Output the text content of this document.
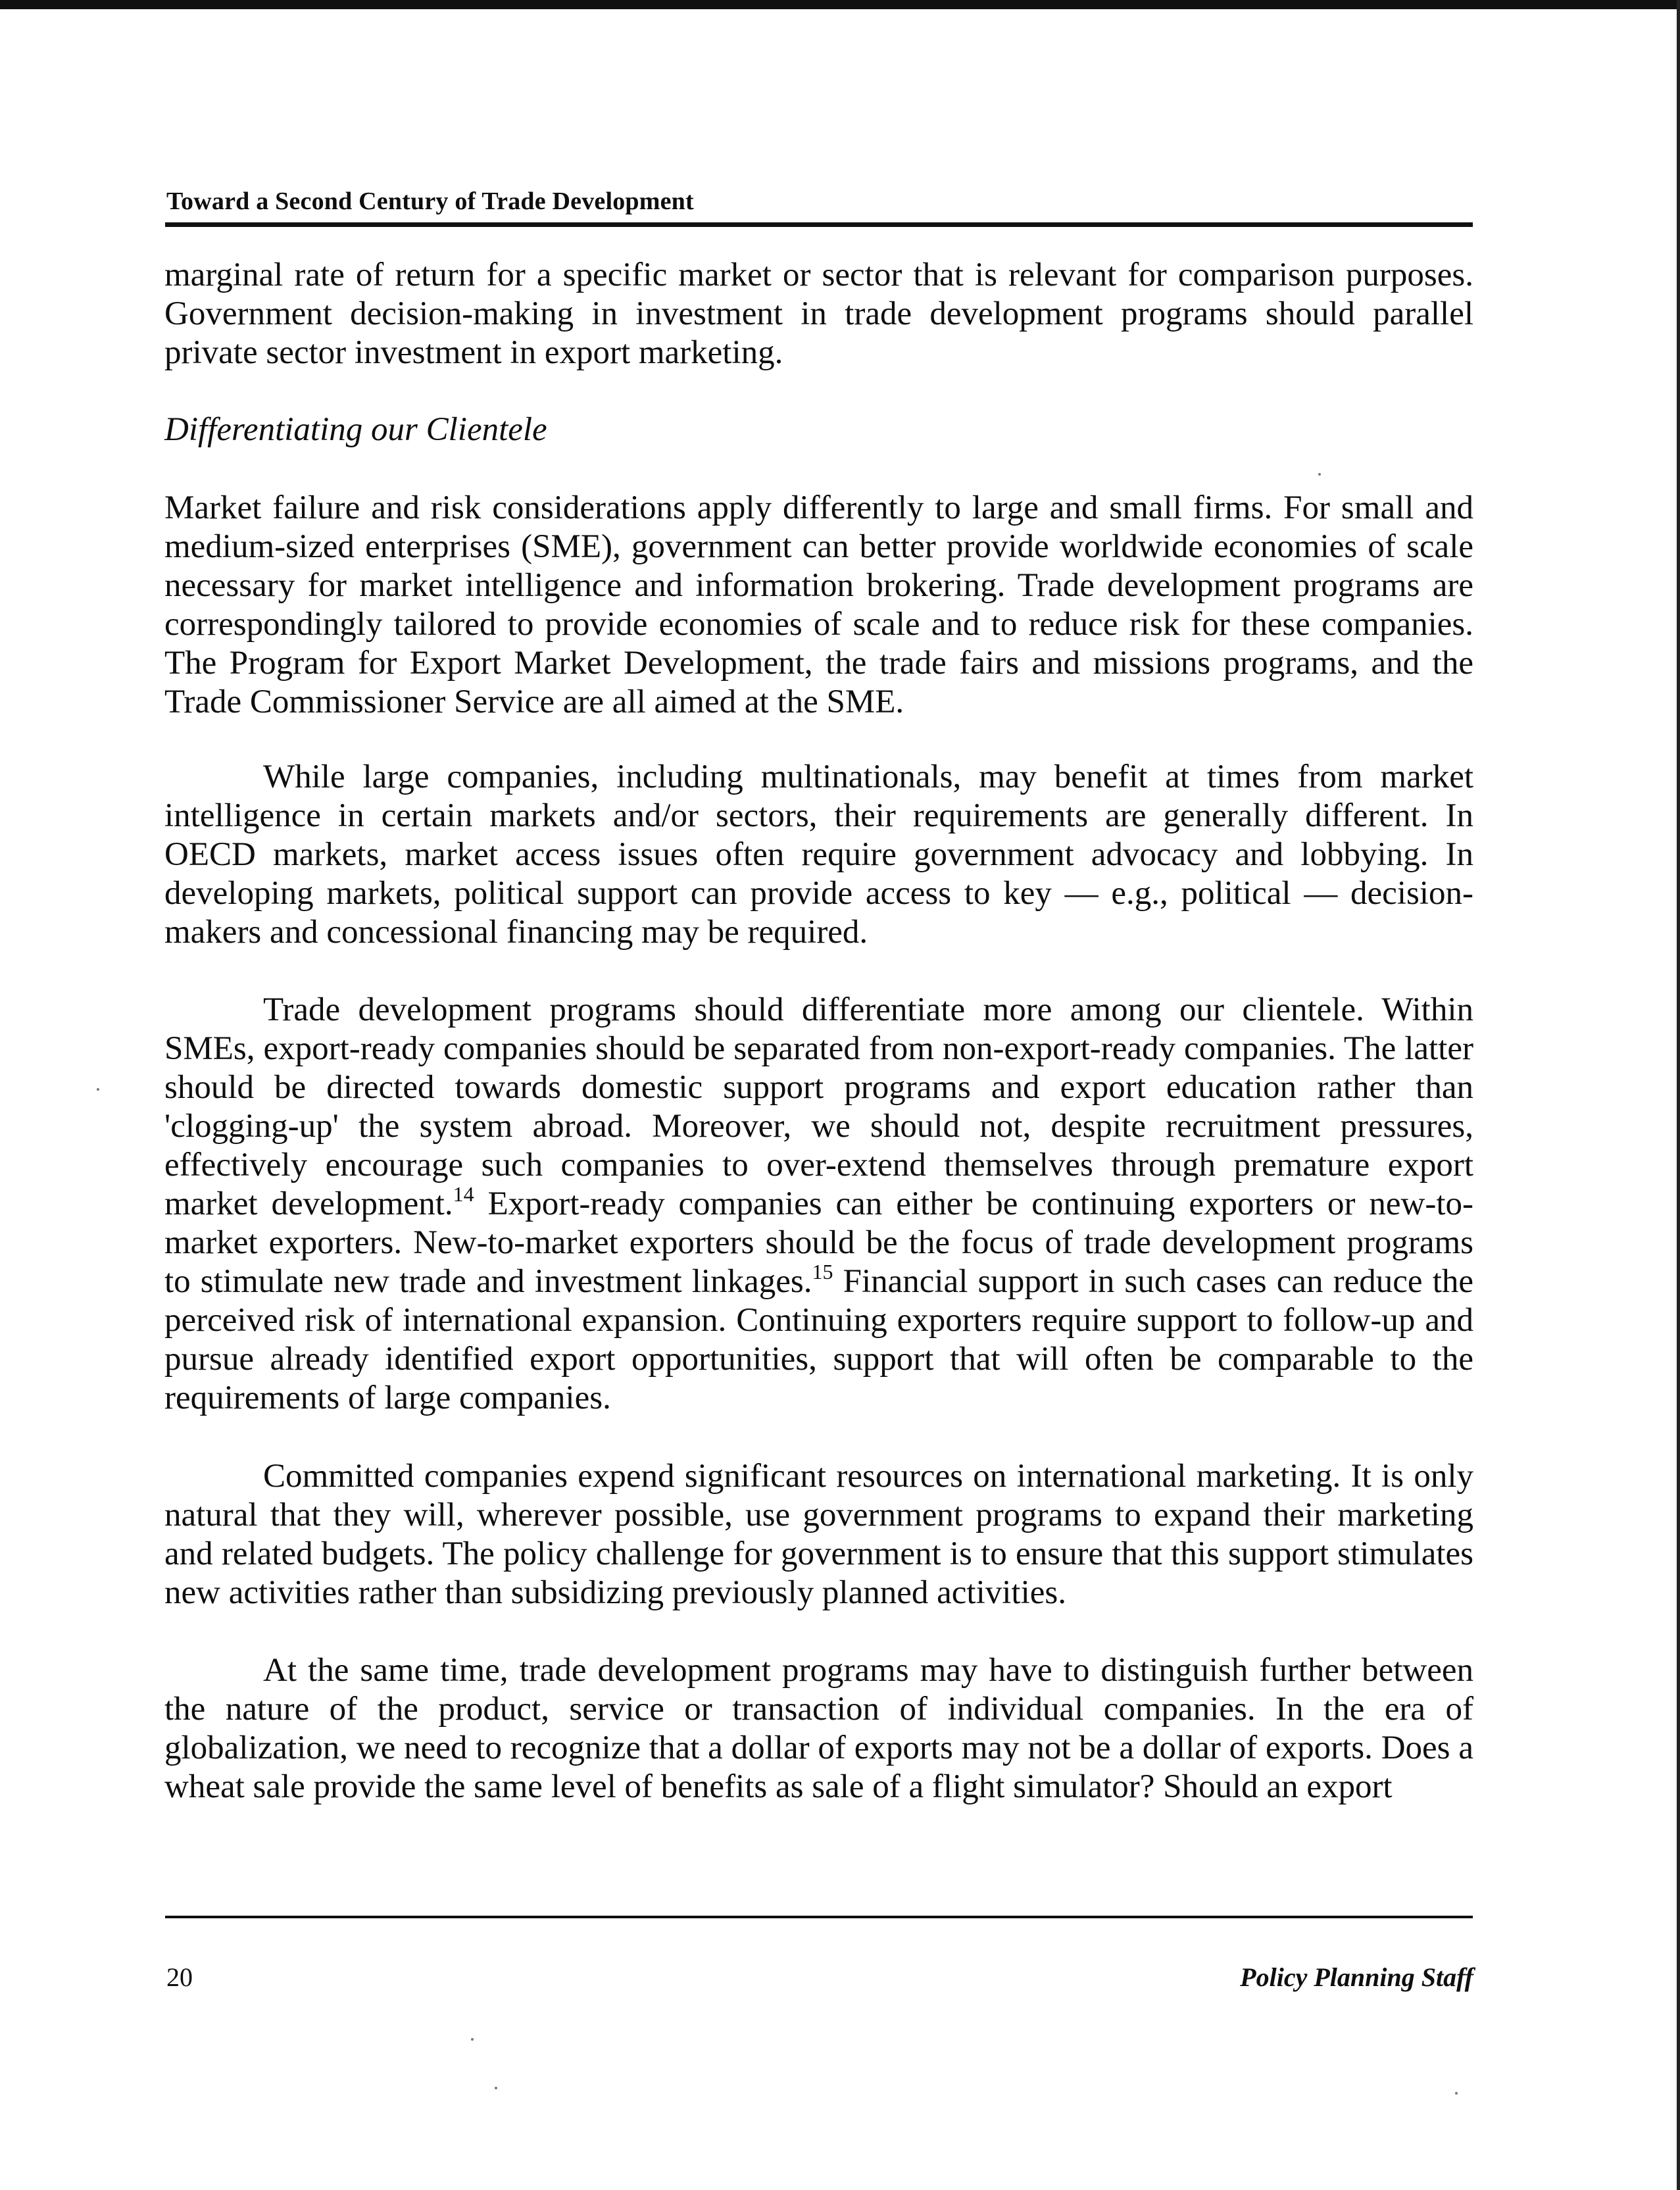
Toward a Second Century of Trade Development

marginal rate of return for a specific market or sector that is relevant for comparison purposes. Government decision-making in investment in trade development programs should parallel private sector investment in export marketing.

Differentiating our Clientele

Market failure and risk considerations apply differently to large and small firms. For small and medium-sized enterprises (SME), government can better provide worldwide economies of scale necessary for market intelligence and information brokering. Trade development programs are correspondingly tailored to provide economies of scale and to reduce risk for these companies. The Program for Export Market Development, the trade fairs and missions programs, and the Trade Commissioner Service are all aimed at the SME.

While large companies, including multinationals, may benefit at times from market intelligence in certain markets and/or sectors, their requirements are generally different. In OECD markets, market access issues often require government advocacy and lobbying. In developing markets, political support can provide access to key — e.g., political — decision-makers and concessional financing may be required.

Trade development programs should differentiate more among our clientele. Within SMEs, export-ready companies should be separated from non-export-ready companies. The latter should be directed towards domestic support programs and export education rather than 'clogging-up' the system abroad. Moreover, we should not, despite recruitment pressures, effectively encourage such companies to over-extend themselves through premature export market development.$^{14}$ Export-ready companies can either be continuing exporters or new-to-market exporters. New-to-market exporters should be the focus of trade development programs to stimulate new trade and investment linkages.$^{15}$ Financial support in such cases can reduce the perceived risk of international expansion. Continuing exporters require support to follow-up and pursue already identified export opportunities, support that will often be comparable to the requirements of large companies.

Committed companies expend significant resources on international marketing. It is only natural that they will, wherever possible, use government programs to expand their marketing and related budgets. The policy challenge for government is to ensure that this support stimulates new activities rather than subsidizing previously planned activities.

At the same time, trade development programs may have to distinguish further between the nature of the product, service or transaction of individual companies. In the era of globalization, we need to recognize that a dollar of exports may not be a dollar of exports. Does a wheat sale provide the same level of benefits as sale of a flight simulator? Should an export

20	Policy Planning Staff
